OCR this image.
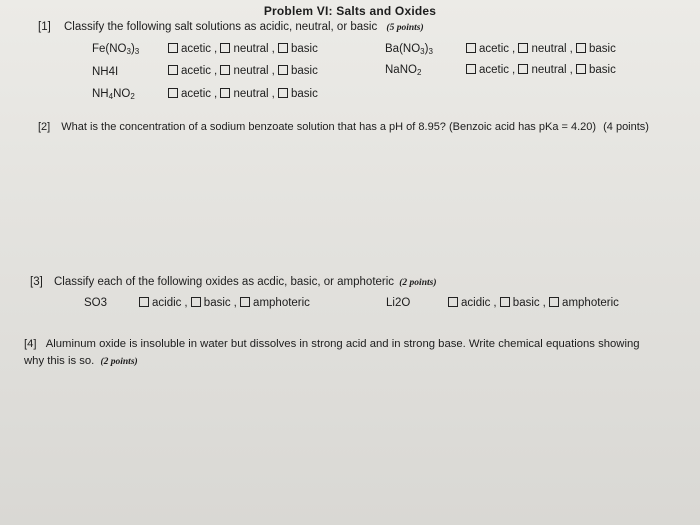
Problem VI: Salts and Oxides
[1] Classify the following salt solutions as acidic, neutral, or basic (5 points)
$Fe(NO_3)_3$	acetic , neutral , basic	$Ba(NO_3)_3$	acetic , neutral , basic
NH4I	acetic , neutral , basic	NaNO$_2$	acetic , neutral , basic
$NH_4NO_2$	acetic , neutral , basic
[2] What is the concentration of a sodium benzoate solution that has a pH of 8.95? (Benzoic acid has pKa = 4.20) (4 points)
[3] Classify each of the following oxides as acdic, basic, or amphoteric (2 points)
SO3	acidic , basic , amphoteric	Li2O	acidic , basic , amphoteric
[4] Aluminum oxide is insoluble in water but dissolves in strong acid and in strong base. Write chemical equations showing
why this is so. (2 points)
